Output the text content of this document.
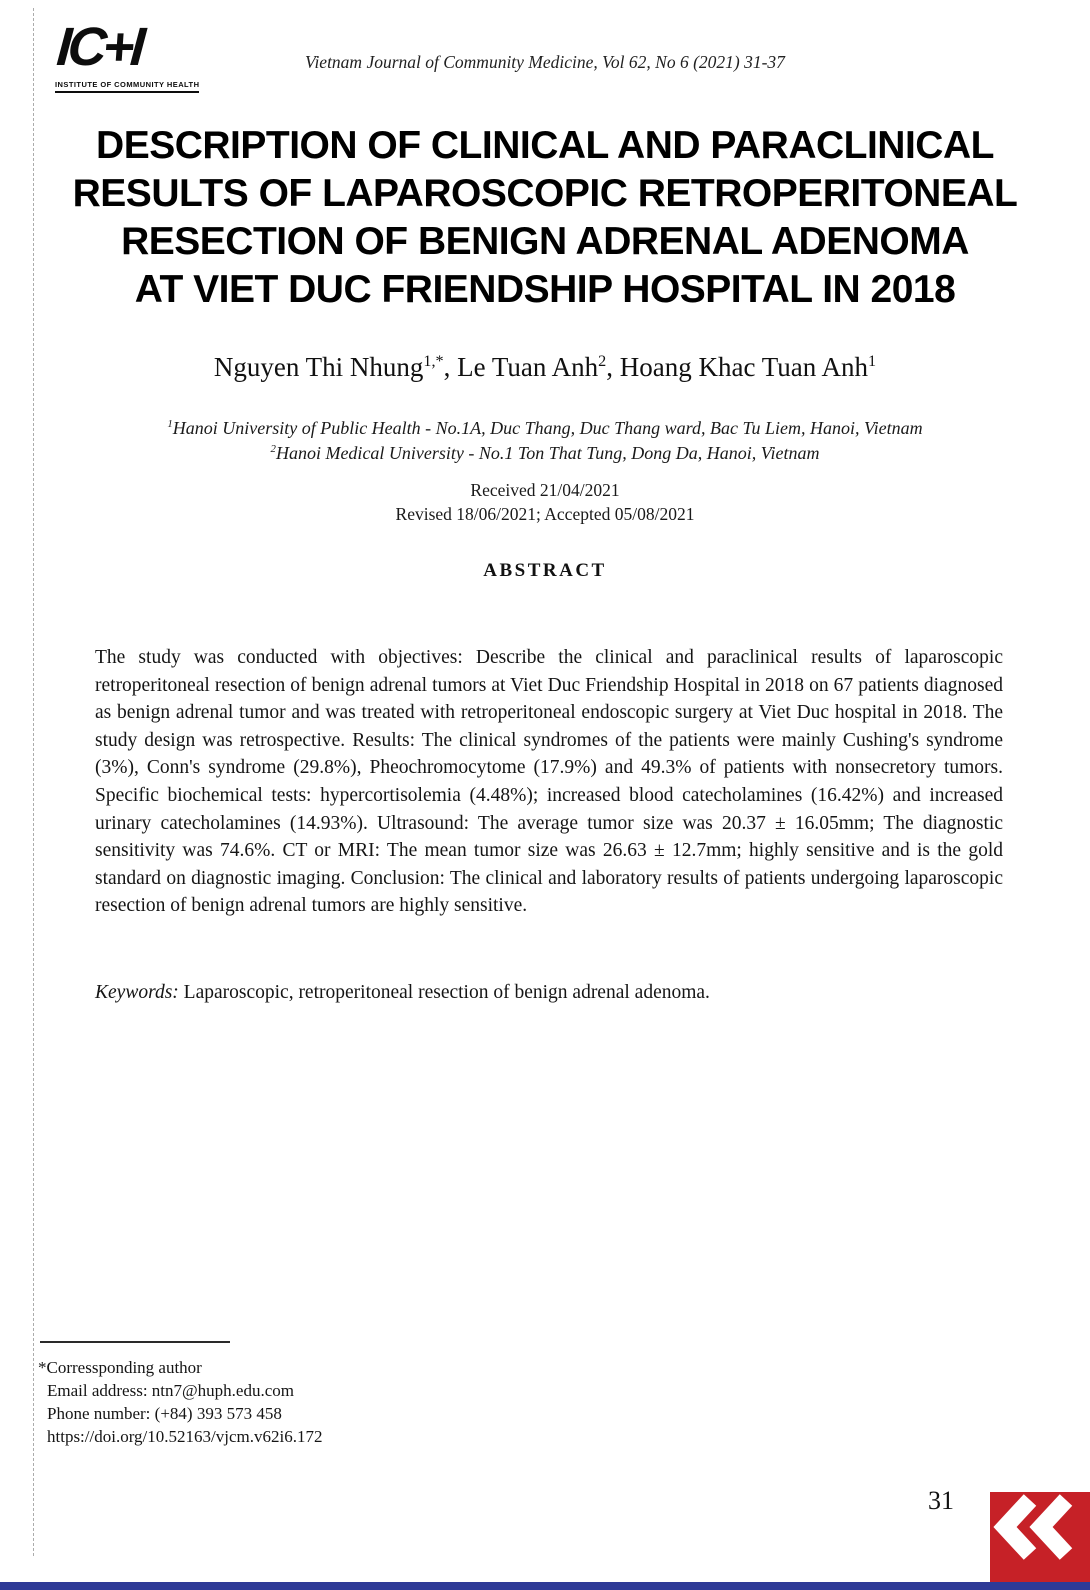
IC+I
INSTITUTE OF COMMUNITY HEALTH
Vietnam Journal of Community Medicine, Vol 62, No 6 (2021) 31-37
DESCRIPTION OF CLINICAL AND PARACLINICAL
RESULTS OF LAPAROSCOPIC RETROPERITONEAL
RESECTION OF BENIGN ADRENAL ADENOMA
AT VIET DUC FRIENDSHIP HOSPITAL IN 2018
Nguyen Thi Nhung$^{1,*}$, Le Tuan Anh$^2$, Hoang Khac Tuan Anh$^1$
$^1$Hanoi University of Public Health - No.1A, Duc Thang, Duc Thang ward, Bac Tu Liem, Hanoi, Vietnam
$^2$Hanoi Medical University - No.1 Ton That Tung, Dong Da, Hanoi, Vietnam
Received 21/04/2021
Revised 18/06/2021; Accepted 05/08/2021
ABSTRACT
The study was conducted with objectives: Describe the clinical and paraclinical results of laparoscopic retroperitoneal resection of benign adrenal tumors at Viet Duc Friendship Hospital in 2018 on 67 patients diagnosed as benign adrenal tumor and was treated with retroperitoneal endoscopic surgery at Viet Duc hospital in 2018. The study design was retrospective. Results: The clinical syndromes of the patients were mainly Cushing's syndrome (3%), Conn's syndrome (29.8%), Pheochromocytome (17.9%) and 49.3% of patients with nonsecretory tumors. Specific biochemical tests: hypercortisolemia (4.48%); increased blood catecholamines (16.42%) and increased urinary catecholamines (14.93%). Ultrasound: The average tumor size was 20.37 ± 16.05mm; The diagnostic sensitivity was 74.6%. CT or MRI: The mean tumor size was 26.63 ± 12.7mm; highly sensitive and is the gold standard on diagnostic imaging. Conclusion: The clinical and laboratory results of patients undergoing laparoscopic resection of benign adrenal tumors are highly sensitive.
Keywords: Laparoscopic, retroperitoneal resection of benign adrenal adenoma.
*Corressponding author
Email address: ntn7@huph.edu.com
Phone number: (+84) 393 573 458
https://doi.org/10.52163/vjcm.v62i6.172
31
